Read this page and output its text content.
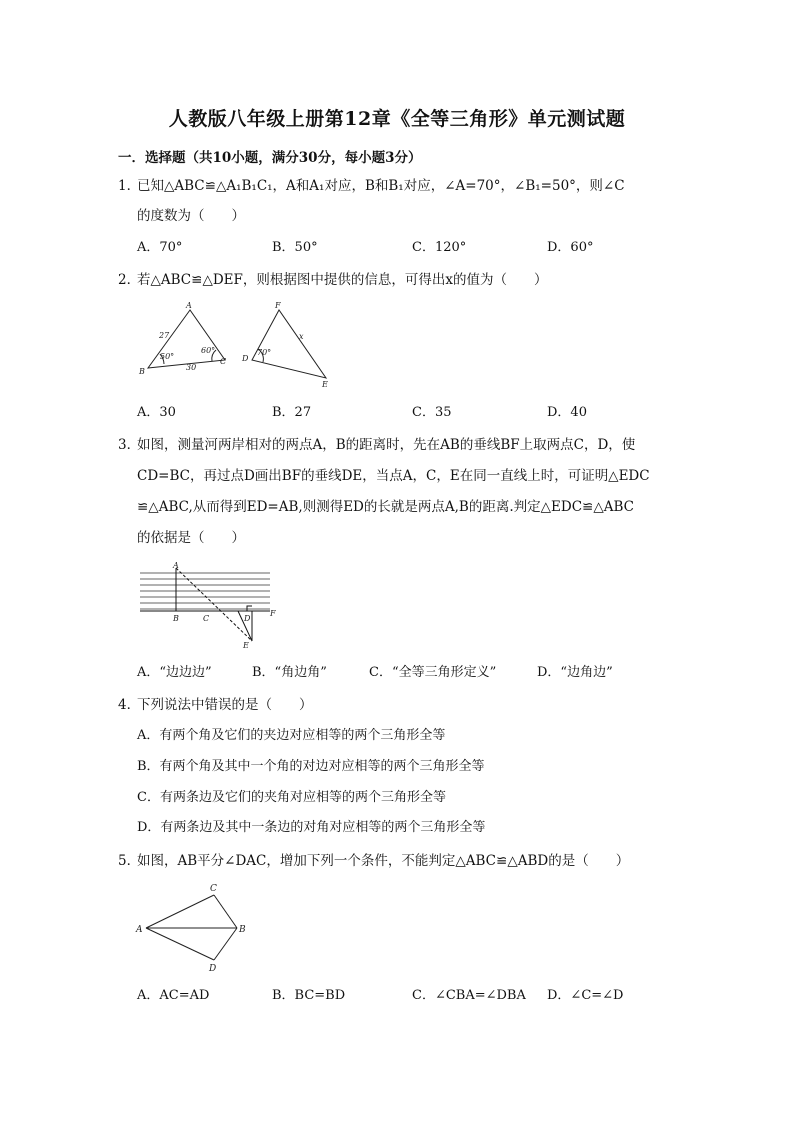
人教版八年级上册第12章《全等三角形》单元测试题
一．选择题（共10小题，满分30分，每小题3分）
1．
已知△ABC≌△A₁B₁C₁，A和A₁对应，B和B₁对应，∠A=70°，∠B₁=50°，则∠C
的度数为（　　）
A．70°	B．50°	C．120°	D．60°
2．
若△ABC≌△DEF，则根据图中提供的信息，可得出x的值为（　　）
A
B
C
27
30
50°
60°
F
D
E
x
70°
A．30	B．27	C．35	D．40
3．
如图，测量河两岸相对的两点A，B的距离时，先在AB的垂线BF上取两点C，D，使
CD=BC，再过点D画出BF的垂线DE，当点A，C，E在同一直线上时，可证明△EDC
≌△ABC,从而得到ED=AB,则测得ED的长就是两点A,B的距离.判定△EDC≌△ABC
的依据是（　　）
A
B	C	D
F
E
A．“边边边”	B．“角边角”	C．“全等三角形定义”	D．“边角边”
4．
下列说法中错误的是（　　）
A．有两个角及它们的夹边对应相等的两个三角形全等
B．有两个角及其中一个角的对边对应相等的两个三角形全等
C．有两条边及它们的夹角对应相等的两个三角形全等
D．有两条边及其中一条边的对角对应相等的两个三角形全等
5．
如图，AB平分∠DAC，增加下列一个条件，不能判定△ABC≌△ABD的是（　　）
C
A	B
D
A．AC=AD	B．BC=BD	C．∠CBA=∠DBA D．∠C=∠D
